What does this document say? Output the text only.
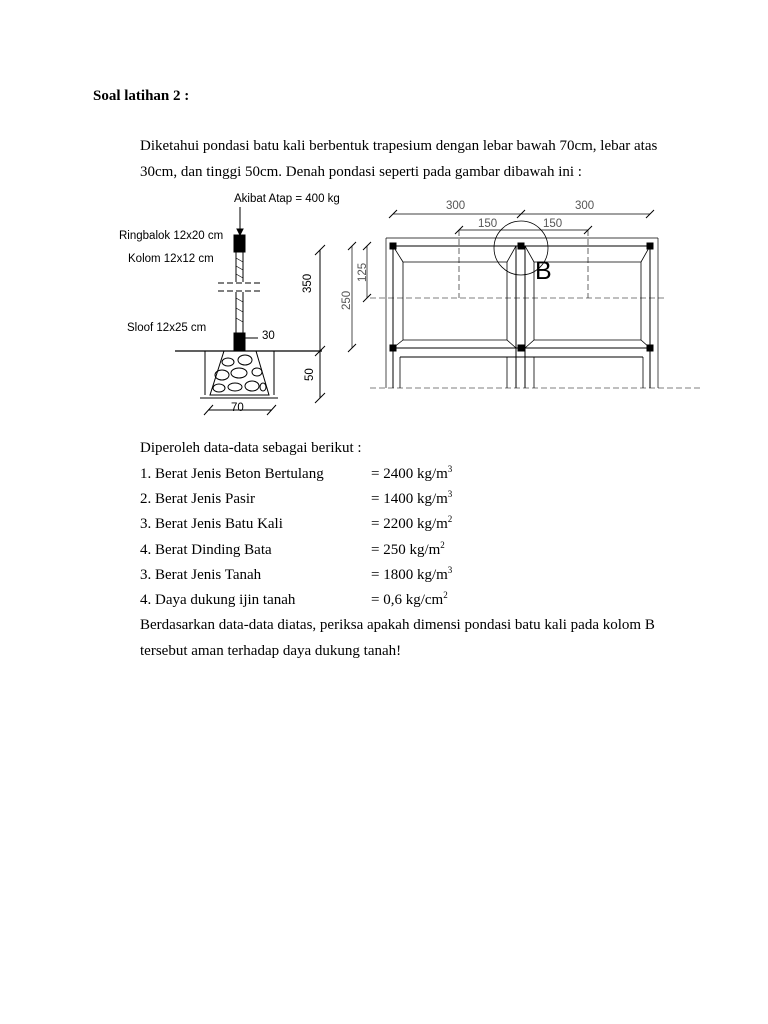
Soal latihan 2 :
Diketahui pondasi batu kali berbentuk trapesium dengan lebar bawah 70cm, lebar atas
30cm, dan tinggi 50cm. Denah pondasi seperti pada gambar dibawah ini :
Akibat Atap = 400 kg
Ringbalok 12x20 cm
Kolom 12x12 cm
Sloof 12x25 cm
30
70
350
50
300	300
150	150
125
250
B
Diperoleh data-data sebagai berikut :
1. Berat Jenis Beton Bertulang	= 2400 $kg/m^3$
2. Berat Jenis Pasir	= 1400 $kg/m^3$
3. Berat Jenis Batu Kali	= 2200 $kg/m^2$
4. Berat Dinding Bata	= 250 $kg/m^2$
3. Berat Jenis Tanah	= 1800 $kg/m^3$
4. Daya dukung ijin tanah	= 0,6 $kg/cm^2$
Berdasarkan data-data diatas, periksa apakah dimensi pondasi batu kali pada kolom B
tersebut aman terhadap daya dukung tanah!
